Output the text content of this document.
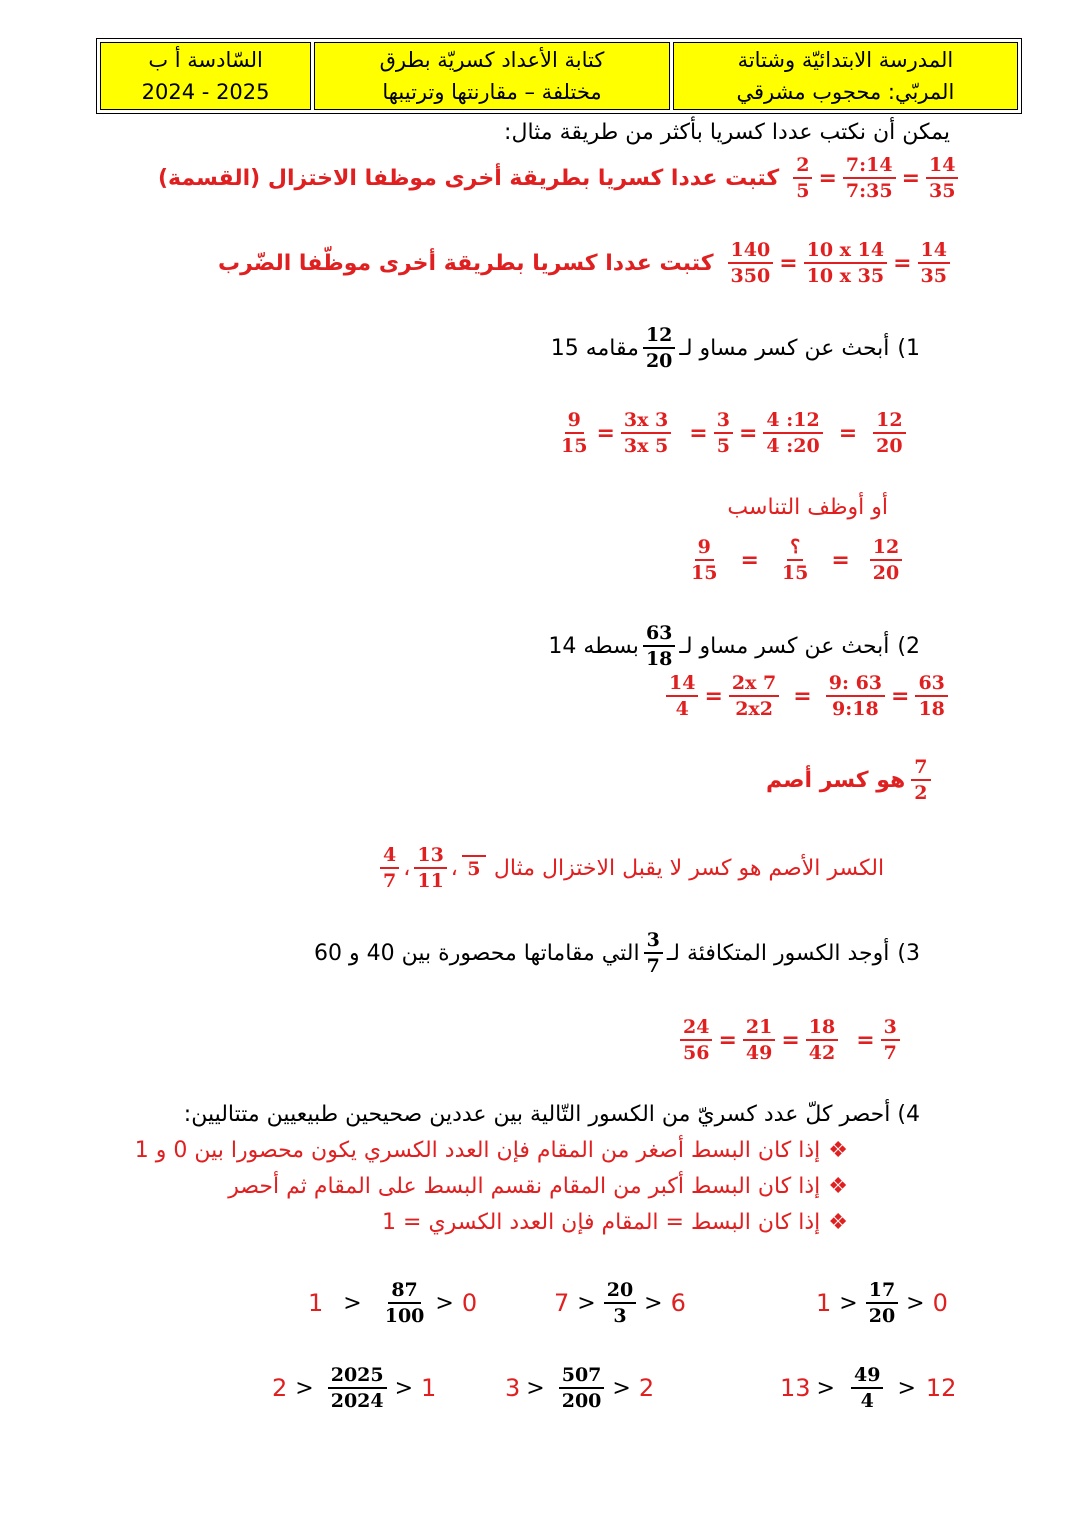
السّادسة أ ب
2025 - 2024

كتابة الأعداد كسريّة بطرق
مختلفة – مقارنتها وترتيبها

المدرسة الابتدائيّة وشتاتة
المربّي: محجوب مشرقي
يمكن أن نكتب عددا كسريا بأكثر من طريقة مثال:
كتبت عددا كسريا بطريقة أخرى موظفا الاختزال (القسمة) $\frac{2}{5} = \frac{7:14}{7:35} = \frac{14}{35}$
كتبت عددا كسريا بطريقة أخرى موظّفا الضّرب $\frac{140}{350} = \frac{10 x 14}{10 x 35} = \frac{14}{35}$
1)
أبحث عن كسر مساو لـ
$\frac{12}{20}$
مقامه 15
$\frac{9}{15} = \frac{3x 3}{3x 5} = \frac{3}{5} = \frac{4 :12}{4 :20} = \frac{12}{20}$
أو أوظف التناسب
$\frac{9}{15} = \frac{؟}{15} = \frac{12}{20}$
2)
أبحث عن كسر مساو لـ
$\frac{63}{18}$
بسطه 14
$\frac{14}{4} = \frac{2x 7}{2x2} = \frac{9: 63}{9:18} = \frac{63}{18}$
هو كسر أصم $\frac{7}{2}$
$\frac{4}{7}$ ، $\frac{13}{11}$ ، 5 الكسر الأصم هو كسر لا يقبل الاختزال مثال
3)
أوجد الكسور المتكافئة لـ
$\frac{3}{7}$
التي مقاماتها محصورة بين 40 و 60
$\frac{24}{56} = \frac{21}{49} = \frac{18}{42} = \frac{3}{7}$
4) أحصر كلّ عدد كسريّ من الكسور التّالية بين عددين صحيحين طبيعيين متتاليين:
❖إذا كان البسط أصغر من المقام فإن العدد الكسري يكون محصورا بين 0 و 1
❖إذا كان البسط أكبر من المقام نقسم البسط على المقام ثم أحصر
❖إذا كان البسط = المقام فإن العدد الكسري = 1
$1 > \frac{17}{20} > 0$
$7 > \frac{20}{3} > 6$
$1 > \frac{87}{100} > 0$
$13 > \frac{49}{4} > 12$
$3 > \frac{507}{200} > 2$
$2 > \frac{2025}{2024} > 1$
